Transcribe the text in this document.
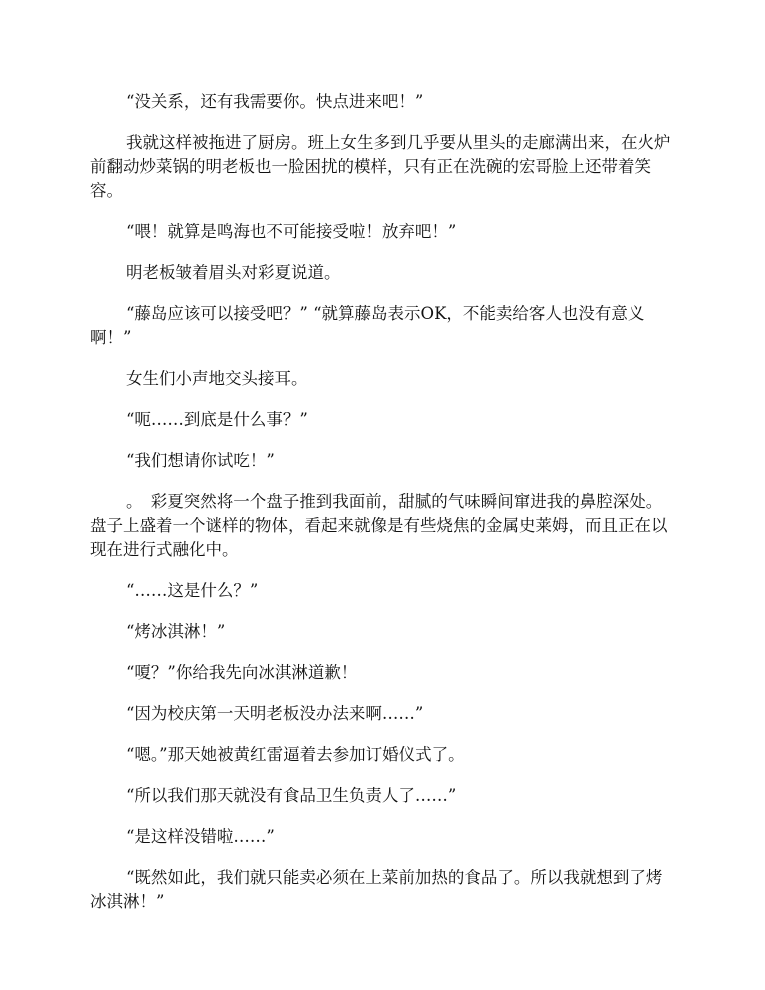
“没关系，还有我需要你。快点进来吧！”

我就这样被拖进了厨房。班上女生多到几乎要从里头的走廊满出来，在火炉前翻动炒菜锅的明老板也一脸困扰的模样，只有正在洗碗的宏哥脸上还带着笑容。

“喂！就算是鸣海也不可能接受啦！放弃吧！”

明老板皱着眉头对彩夏说道。

“藤岛应该可以接受吧？” “就算藤岛表示OK，不能卖给客人也没有意义啊！”

女生们小声地交头接耳。

“呃……到底是什么事？”

“我们想请你试吃！”

。　彩夏突然将一个盘子推到我面前，甜腻的气味瞬间窜进我的鼻腔深处。盘子上盛着一个谜样的物体，看起来就像是有些烧焦的金属史莱姆，而且正在以现在进行式融化中。

“……这是什么？”

“烤冰淇淋！”

“嗄？”你给我先向冰淇淋道歉！

“因为校庆第一天明老板没办法来啊……”

“嗯。”那天她被黄红雷逼着去参加订婚仪式了。

“所以我们那天就没有食品卫生负责人了……”

“是这样没错啦……”

“既然如此，我们就只能卖必须在上菜前加热的食品了。所以我就想到了烤冰淇淋！”
